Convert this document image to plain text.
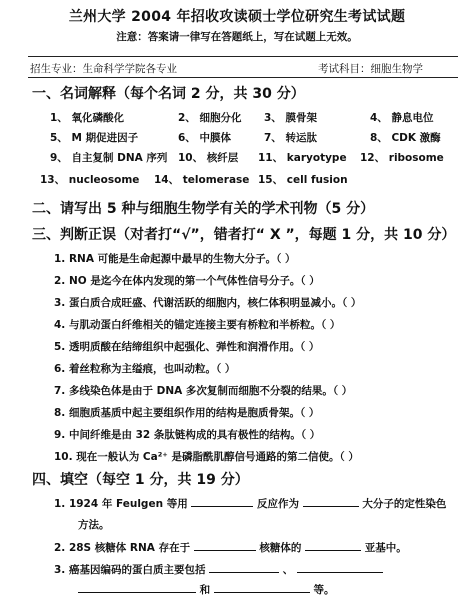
兰州大学 2004 年招收攻读硕士学位研究生考试试题
注意：答案请一律写在答题纸上，写在试题上无效。
招生专业：生命科学学院各专业	考试科目：细胞生物学
一、名词解释（每个名词 2 分，共 30 分）
1、 氧化磷酸化	2、 细胞分化 3、 膜骨架	4、 静息电位
5、 M 期促进因子	6、 中膜体	7、 转运肽	8、 CDK 激酶
9、 自主复制 DNA 序列 10、 核纤层 11、 karyotype 12、 ribosome
13、 nucleosome 14、 telomerase 15、 cell fusion
二、请写出 5 种与细胞生物学有关的学术刊物（5 分）
三、判断正误（对者打“√”，错者打“ X ”，每题 1 分，共 10 分）
1. RNA 可能是生命起源中最早的生物大分子。（ ）
2. NO 是迄今在体内发现的第一个气体性信号分子。（ ）
3. 蛋白质合成旺盛、代谢活跃的细胞内，核仁体积明显减小。（ ）
4. 与肌动蛋白纤维相关的锚定连接主要有桥粒和半桥粒。（ ）
5. 透明质酸在结缔组织中起强化、弹性和润滑作用。（ ）
6. 着丝粒称为主缢痕，也叫动粒。（ ）
7. 多线染色体是由于 DNA 多次复制而细胞不分裂的结果。（ ）
8. 细胞质基质中起主要组织作用的结构是胞质骨架。（ ）
9. 中间纤维是由 32 条肽链构成的具有极性的结构。（ ）
10. 现在一般认为 Ca²⁺ 是磷脂酰肌醇信号通路的第二信使。（ ）
四、填空（每空 1 分，共 19 分）
1. 1924 年 Feulgen 等用	反应作为	大分子的定性染色
方法。
2. 28S 核糖体 RNA 存在于	核糖体的	亚基中。
3. 癌基因编码的蛋白质主要包括	、
和	等。
